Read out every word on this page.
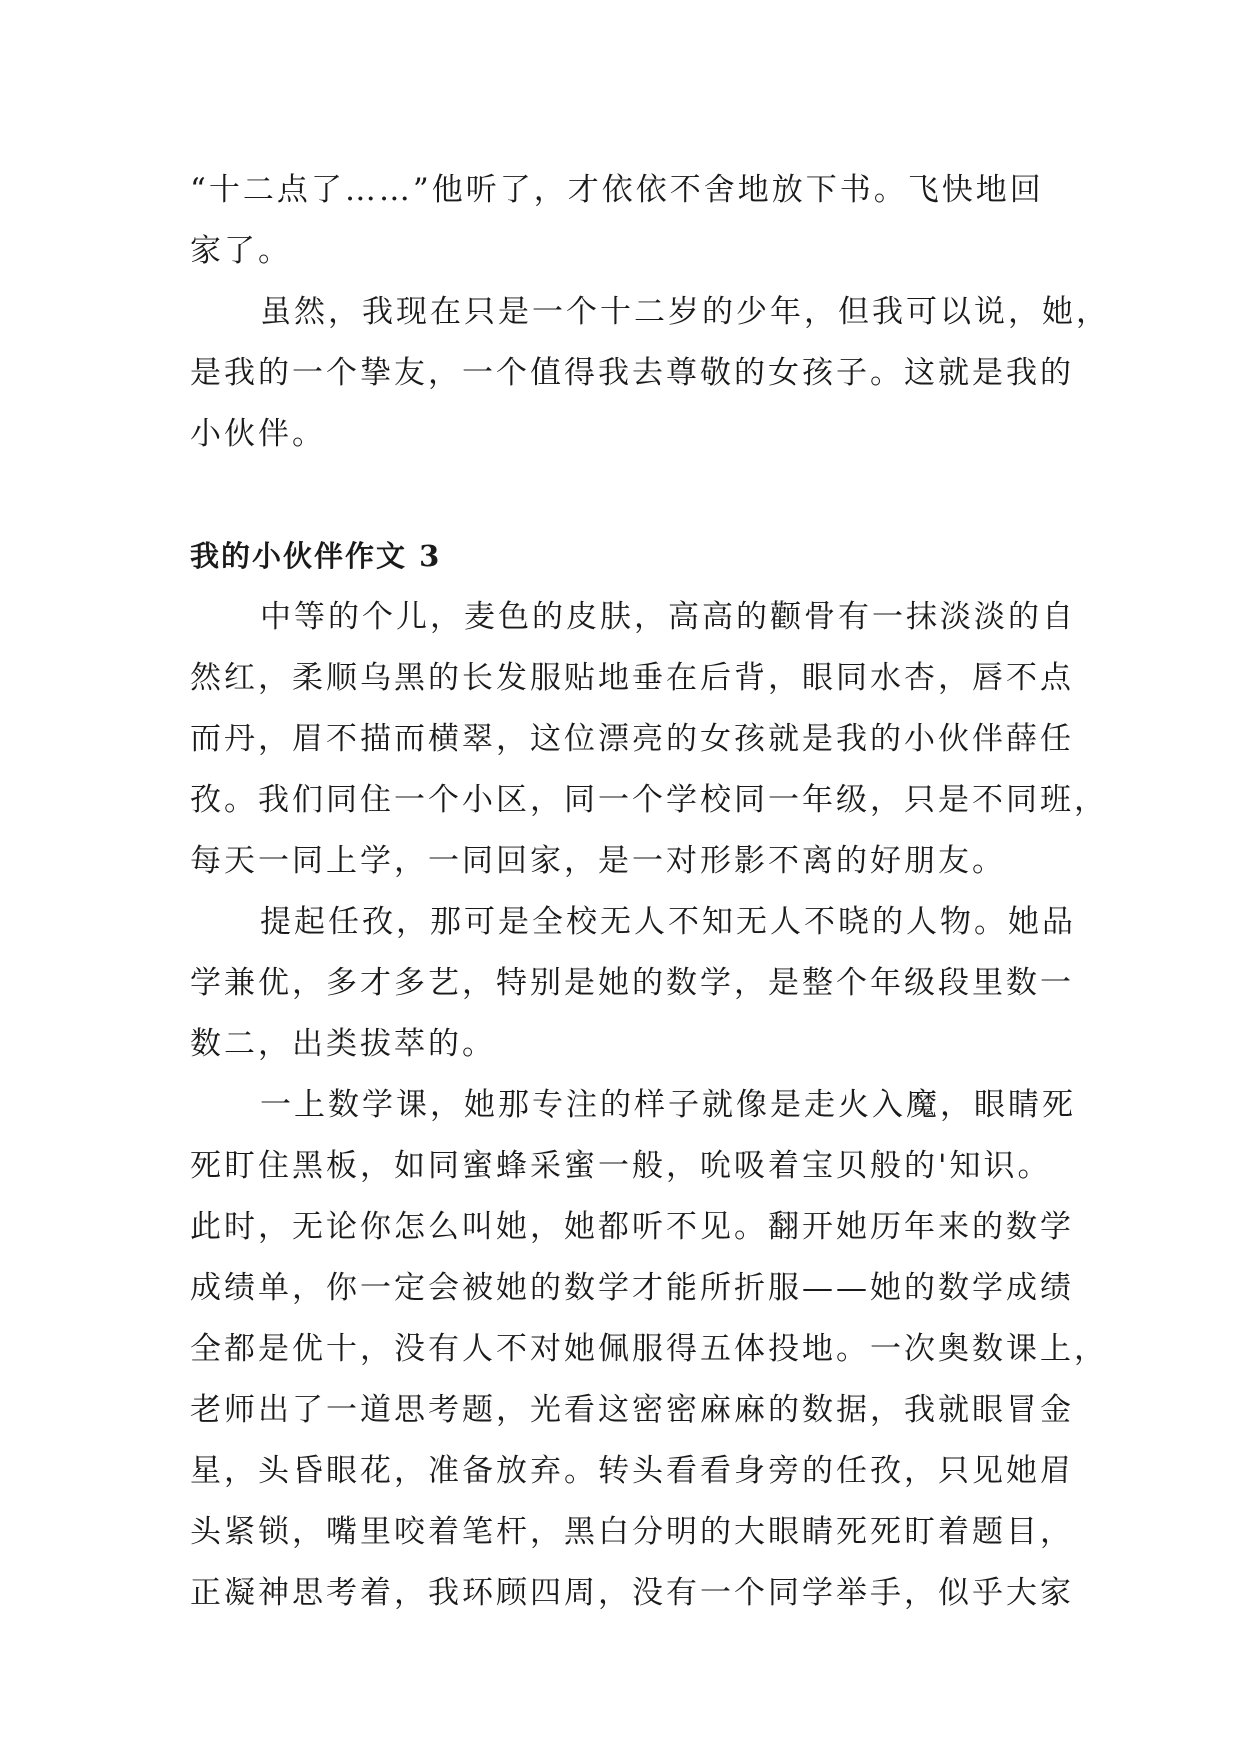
“十二点了……”他听了，才依依不舍地放下书。飞快地回
家了。

虽然，我现在只是一个十二岁的少年，但我可以说，她，
是我的一个挚友，一个值得我去尊敬的女孩子。这就是我的
小伙伴。

我的小伙伴作文 3

中等的个儿，麦色的皮肤，高高的颧骨有一抹淡淡的自
然红，柔顺乌黑的长发服贴地垂在后背，眼同水杏，唇不点
而丹，眉不描而横翠，这位漂亮的女孩就是我的小伙伴薛任
孜。我们同住一个小区，同一个学校同一年级，只是不同班，
每天一同上学，一同回家，是一对形影不离的好朋友。

提起任孜，那可是全校无人不知无人不晓的人物。她品
学兼优，多才多艺，特别是她的数学，是整个年级段里数一
数二，出类拔萃的。

一上数学课，她那专注的样子就像是走火入魔，眼睛死
死盯住黑板，如同蜜蜂采蜜一般，吮吸着宝贝般的'知识。
此时，无论你怎么叫她，她都听不见。翻开她历年来的数学
成绩单，你一定会被她的数学才能所折服——她的数学成绩
全都是优十，没有人不对她佩服得五体投地。一次奥数课上，
老师出了一道思考题，光看这密密麻麻的数据，我就眼冒金
星，头昏眼花，准备放弃。转头看看身旁的任孜，只见她眉
头紧锁，嘴里咬着笔杆，黑白分明的大眼睛死死盯着题目，
正凝神思考着，我环顾四周，没有一个同学举手，似乎大家
